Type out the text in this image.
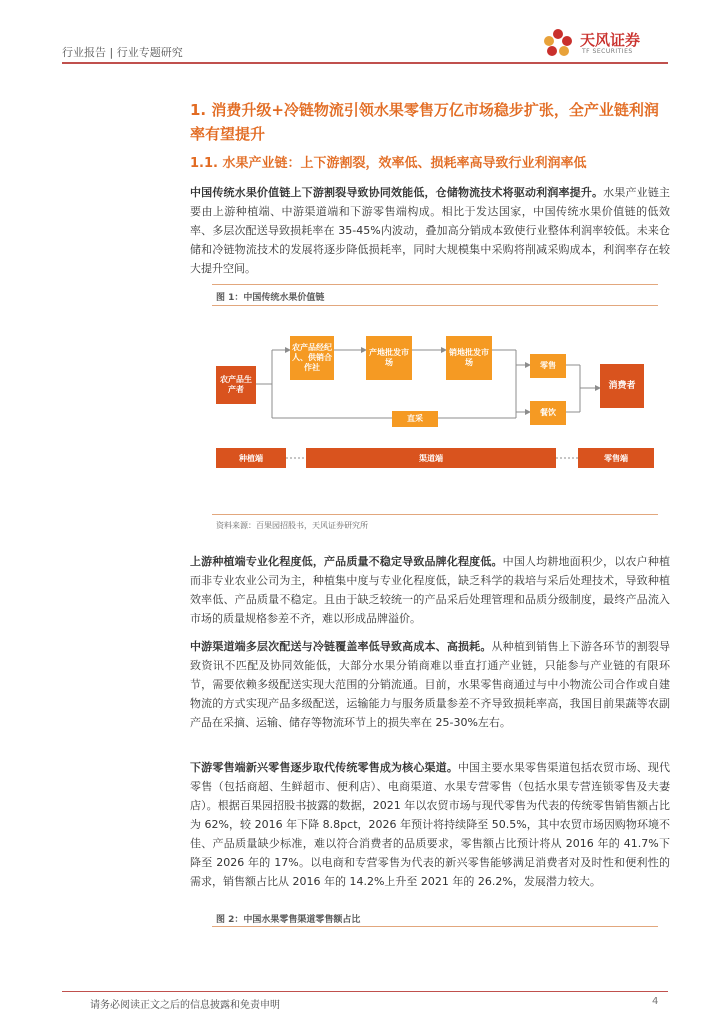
行业报告 | 行业专题研究
天风证券
TF SECURITIES
1. 消费升级+冷链物流引领水果零售万亿市场稳步扩张，全产业链利润率有望提升
1.1. 水果产业链：上下游割裂，效率低、损耗率高导致行业利润率低
中国传统水果价值链上下游割裂导致协同效能低，仓储物流技术将驱动利润率提升。水果产业链主要由上游种植端、中游渠道端和下游零售端构成。相比于发达国家，中国传统水果价值链的低效率、多层次配送导致损耗率在 35-45%内波动，叠加高分销成本致使行业整体利润率较低。未来仓储和冷链物流技术的发展将逐步降低损耗率，同时大规模集中采购将削减采购成本，利润率存在较大提升空间。
图 1：中国传统水果价值链
农产品生产者
农产品经纪人、供销合作社
产地批发市场
销地批发市场	零售
餐饮
直采
消费者
种植端	渠道端	零售端
资料来源：百果园招股书，天风证券研究所
上游种植端专业化程度低，产品质量不稳定导致品牌化程度低。中国人均耕地面积少，以农户种植而非专业农业公司为主，种植集中度与专业化程度低，缺乏科学的栽培与采后处理技术，导致种植效率低、产品质量不稳定。且由于缺乏较统一的产品采后处理管理和品质分级制度，最终产品流入市场的质量规格参差不齐，难以形成品牌溢价。
中游渠道端多层次配送与冷链覆盖率低导致高成本、高损耗。从种植到销售上下游各环节的割裂导致资讯不匹配及协同效能低，大部分水果分销商难以垂直打通产业链，只能参与产业链的有限环节，需要依赖多级配送实现大范围的分销流通。目前，水果零售商通过与中小物流公司合作或自建物流的方式实现产品多级配送，运输能力与服务质量参差不齐导致损耗率高，我国目前果蔬等农副产品在采摘、运输、储存等物流环节上的损失率在 25-30%左右。
下游零售端新兴零售逐步取代传统零售成为核心渠道。中国主要水果零售渠道包括农贸市场、现代零售（包括商超、生鲜超市、便利店）、电商渠道、水果专营零售（包括水果专营连锁零售及夫妻店）。根据百果园招股书披露的数据，2021 年以农贸市场与现代零售为代表的传统零售销售额占比为 62%，较 2016 年下降 8.8pct，2026 年预计将持续降至 50.5%，其中农贸市场因购物环境不佳、产品质量缺少标准，难以符合消费者的品质要求，零售额占比预计将从 2016 年的 41.7%下降至 2026 年的 17%。以电商和专营零售为代表的新兴零售能够满足消费者对及时性和便利性的需求，销售额占比从 2016 年的 14.2%上升至 2021 年的 26.2%，发展潜力较大。
图 2：中国水果零售渠道零售额占比
请务必阅读正文之后的信息披露和免责申明	4
